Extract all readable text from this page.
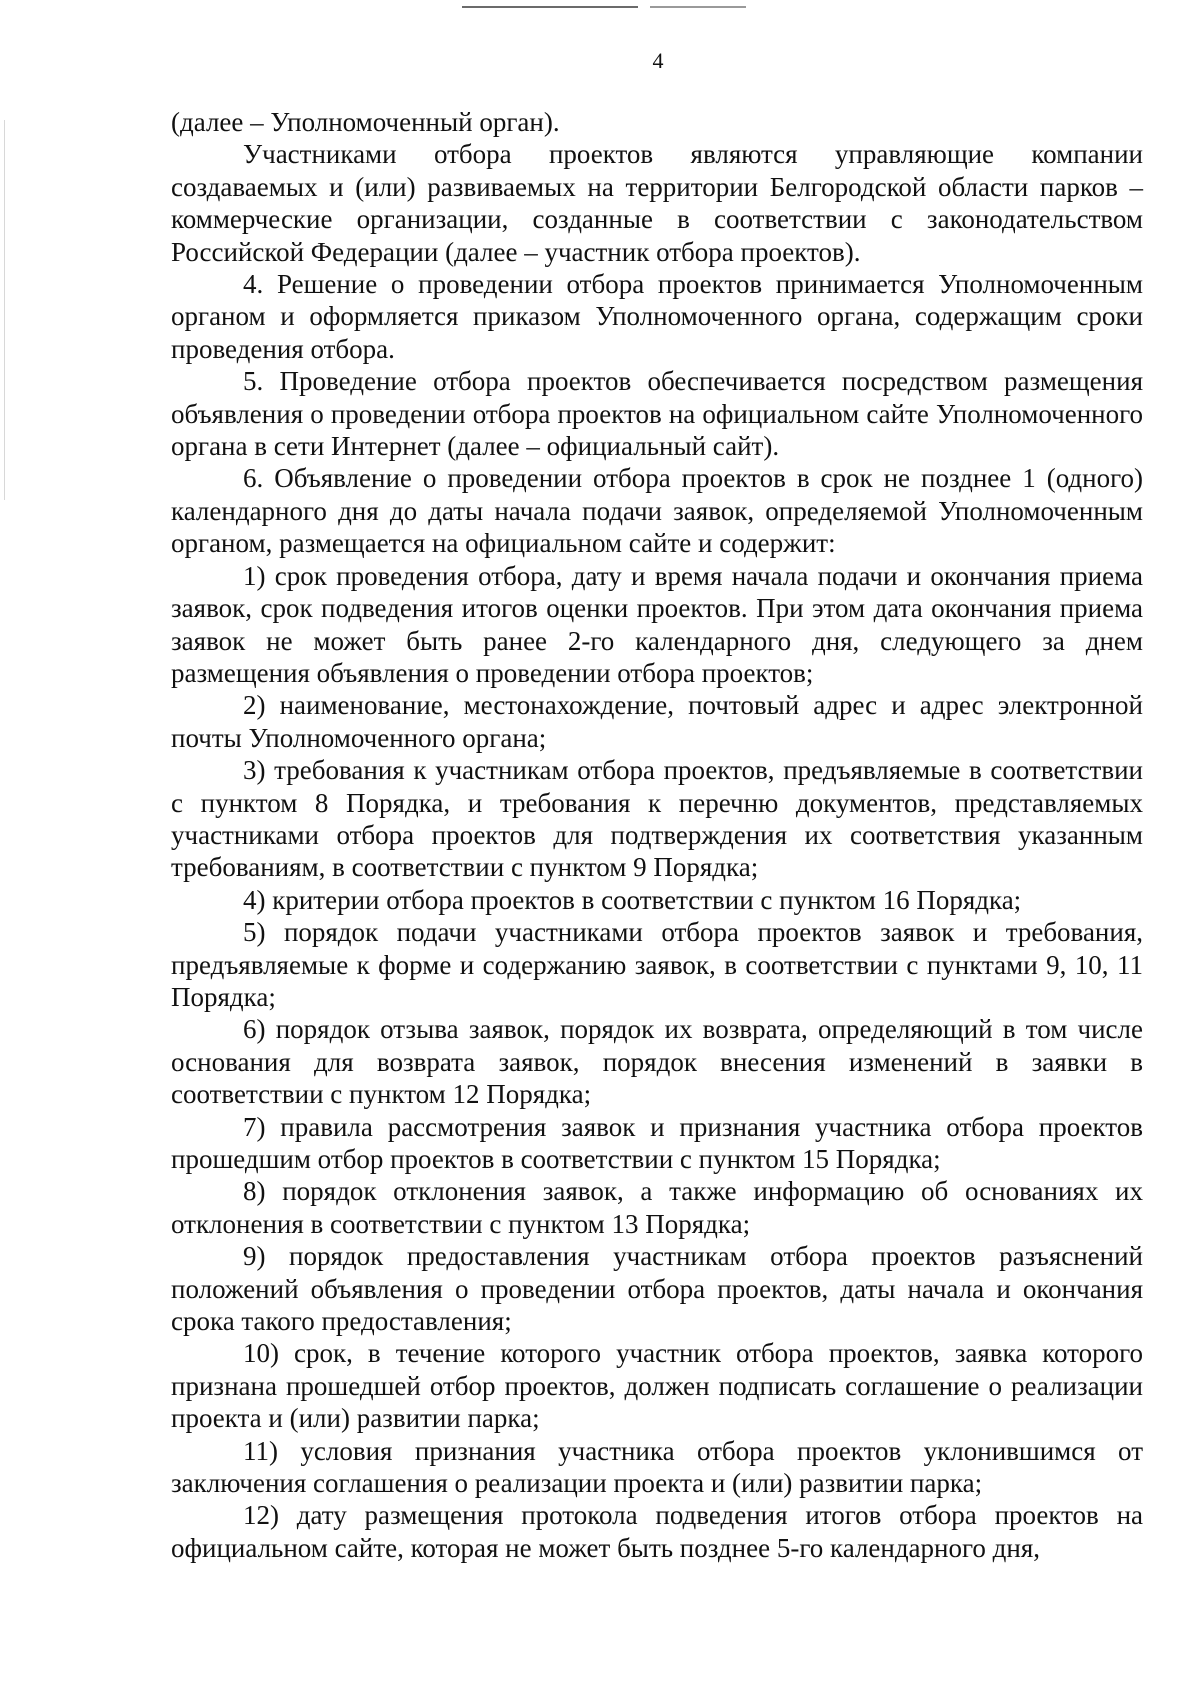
4

(далее – Уполномоченный орган).

Участниками отбора проектов являются управляющие компании создаваемых и (или) развиваемых на территории Белгородской области парков – коммерческие организации, созданные в соответствии с законодательством Российской Федерации (далее – участник отбора проектов).

4. Решение о проведении отбора проектов принимается Уполномоченным органом и оформляется приказом Уполномоченного органа, содержащим сроки проведения отбора.

5. Проведение отбора проектов обеспечивается посредством размещения объявления о проведении отбора проектов на официальном сайте Уполномоченного органа в сети Интернет (далее – официальный сайт).

6. Объявление о проведении отбора проектов в срок не позднее 1 (одного) календарного дня до даты начала подачи заявок, определяемой Уполномоченным органом, размещается на официальном сайте и содержит:

1) срок проведения отбора, дату и время начала подачи и окончания приема заявок, срок подведения итогов оценки проектов. При этом дата окончания приема заявок не может быть ранее 2-го календарного дня, следующего за днем размещения объявления о проведении отбора проектов;

2) наименование, местонахождение, почтовый адрес и адрес электронной почты Уполномоченного органа;

3) требования к участникам отбора проектов, предъявляемые в соответствии с пунктом 8 Порядка, и требования к перечню документов, представляемых участниками отбора проектов для подтверждения их соответствия указанным требованиям, в соответствии с пунктом 9 Порядка;

4) критерии отбора проектов в соответствии с пунктом 16 Порядка;

5) порядок подачи участниками отбора проектов заявок и требования, предъявляемые к форме и содержанию заявок, в соответствии с пунктами 9, 10, 11 Порядка;

6) порядок отзыва заявок, порядок их возврата, определяющий в том числе основания для возврата заявок, порядок внесения изменений в заявки в соответствии с пунктом 12 Порядка;

7) правила рассмотрения заявок и признания участника отбора проектов прошедшим отбор проектов в соответствии с пунктом 15 Порядка;

8) порядок отклонения заявок, а также информацию об основаниях их отклонения в соответствии с пунктом 13 Порядка;

9) порядок предоставления участникам отбора проектов разъяснений положений объявления о проведении отбора проектов, даты начала и окончания срока такого предоставления;

10) срок, в течение которого участник отбора проектов, заявка которого признана прошедшей отбор проектов, должен подписать соглашение о реализации проекта и (или) развитии парка;

11) условия признания участника отбора проектов уклонившимся от заключения соглашения о реализации проекта и (или) развитии парка;

12) дату размещения протокола подведения итогов отбора проектов на официальном сайте, которая не может быть позднее 5-го календарного дня,
